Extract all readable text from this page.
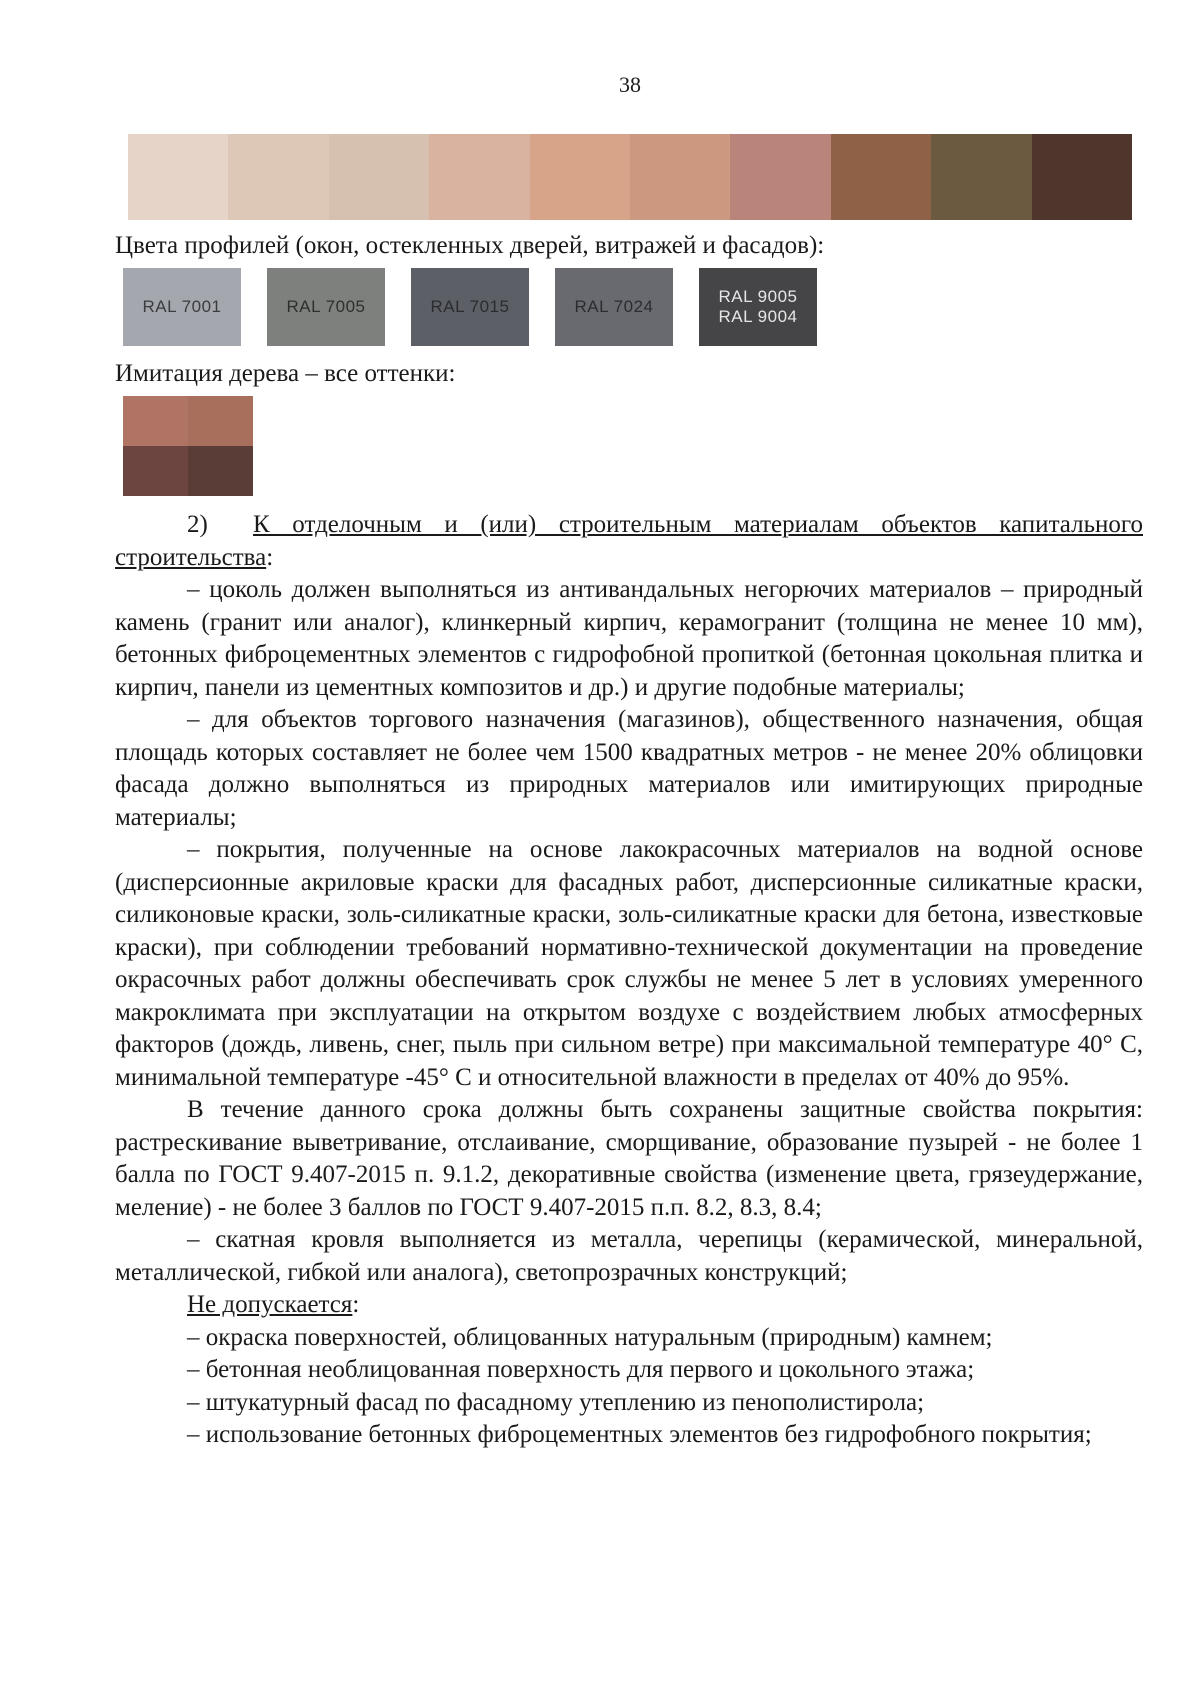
38
Цвета профилей (окон, остекленных дверей, витражей и фасадов):
RAL 7001	RAL 7005	RAL 7015	RAL 7024
RAL 9005
RAL 9004
Имитация дерева – все оттенки:

2) К отделочным и (или) строительным материалам объектов капитального строительства:

– цоколь должен выполняться из антивандальных негорючих материалов – природный камень (гранит или аналог), клинкерный кирпич, керамогранит (толщина не менее 10 мм), бетонных фиброцементных элементов с гидрофобной пропиткой (бетонная цокольная плитка и кирпич, панели из цементных композитов и др.) и другие подобные материалы;

– для объектов торгового назначения (магазинов), общественного назначения, общая площадь которых составляет не более чем 1500 квадратных метров - не менее 20% облицовки фасада должно выполняться из природных материалов или имитирующих природные материалы;

– покрытия, полученные на основе лакокрасочных материалов на водной основе (дисперсионные акриловые краски для фасадных работ, дисперсионные силикатные краски, силиконовые краски, золь-силикатные краски, золь-силикатные краски для бетона, известковые краски), при соблюдении требований нормативно-технической документации на проведение окрасочных работ должны обеспечивать срок службы не менее 5 лет в условиях умеренного макроклимата при эксплуатации на открытом воздухе с воздействием любых атмосферных факторов (дождь, ливень, снег, пыль при сильном ветре) при максимальной температуре 40° С, минимальной температуре -45° С и относительной влажности в пределах от 40% до 95%.

В течение данного срока должны быть сохранены защитные свойства покрытия: растрескивание выветривание, отслаивание, сморщивание, образование пузырей - не более 1 балла по ГОСТ 9.407-2015 п. 9.1.2, декоративные свойства (изменение цвета, грязеудержание, меление) - не более 3 баллов по ГОСТ 9.407-2015 п.п. 8.2, 8.3, 8.4;

– скатная кровля выполняется из металла, черепицы (керамической, минеральной, металлической, гибкой или аналога), светопрозрачных конструкций;

Не допускается:

– окраска поверхностей, облицованных натуральным (природным) камнем;

– бетонная необлицованная поверхность для первого и цокольного этажа;

– штукатурный фасад по фасадному утеплению из пенополистирола;

– использование бетонных фиброцементных элементов без гидрофобного покрытия;
